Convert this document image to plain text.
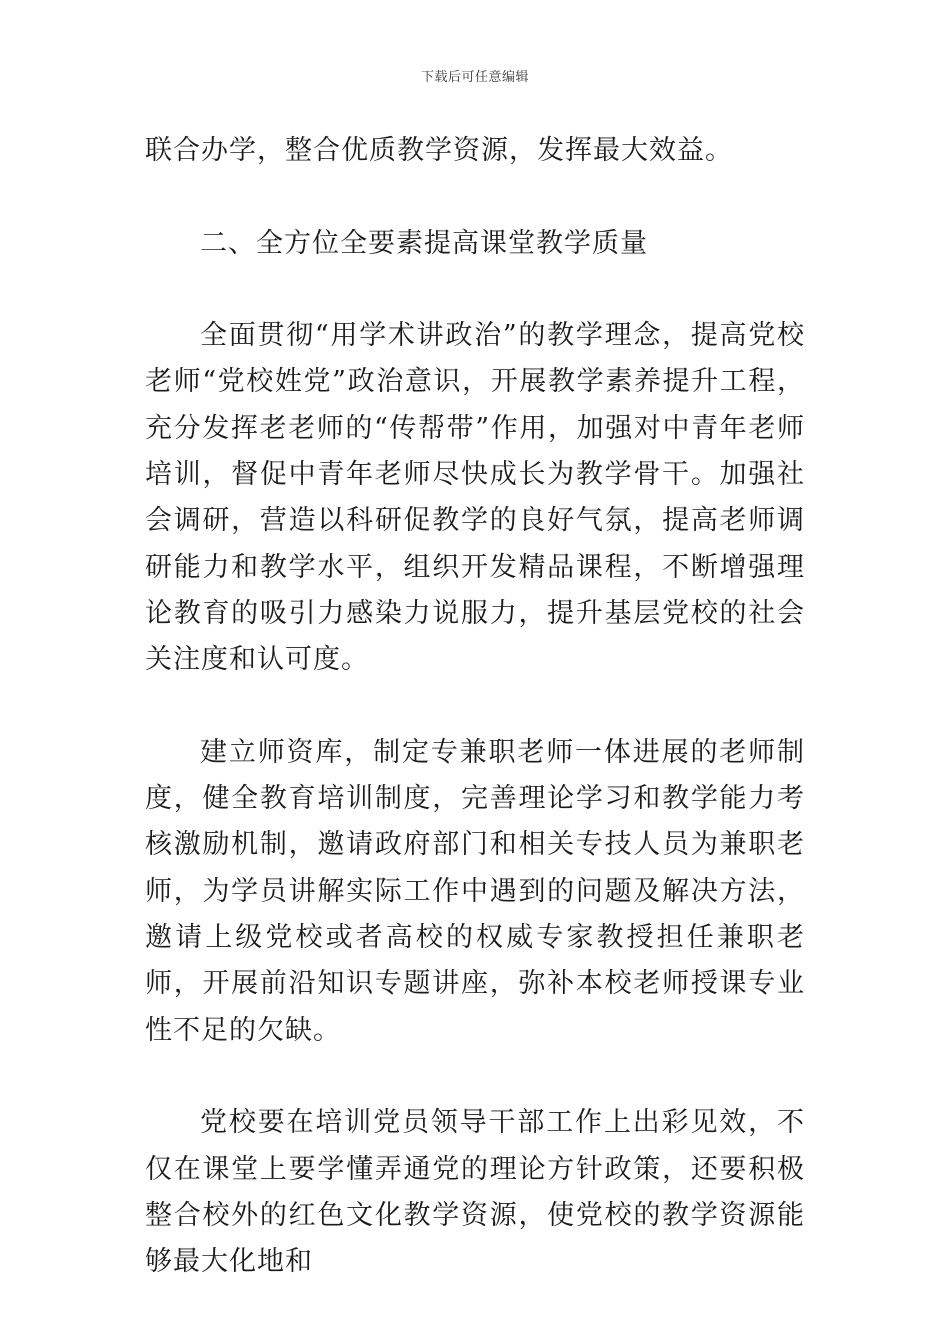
下载后可任意编辑

联合办学，整合优质教学资源，发挥最大效益。

二、全方位全要素提高课堂教学质量

全面贯彻“用学术讲政治”的教学理念，提高党校老师“党校姓党”政治意识，开展教学素养提升工程，充分发挥老老师的“传帮带”作用，加强对中青年老师培训，督促中青年老师尽快成长为教学骨干。加强社会调研，营造以科研促教学的良好气氛，提高老师调研能力和教学水平，组织开发精品课程，不断增强理论教育的吸引力感染力说服力，提升基层党校的社会关注度和认可度。

建立师资库，制定专兼职老师一体进展的老师制度，健全教育培训制度，完善理论学习和教学能力考核激励机制，邀请政府部门和相关专技人员为兼职老师，为学员讲解实际工作中遇到的问题及解决方法，邀请上级党校或者高校的权威专家教授担任兼职老师，开展前沿知识专题讲座，弥补本校老师授课专业性不足的欠缺。

党校要在培训党员领导干部工作上出彩见效，不仅在课堂上要学懂弄通党的理论方针政策，还要积极整合校外的红色文化教学资源，使党校的教学资源能够最大化地和
